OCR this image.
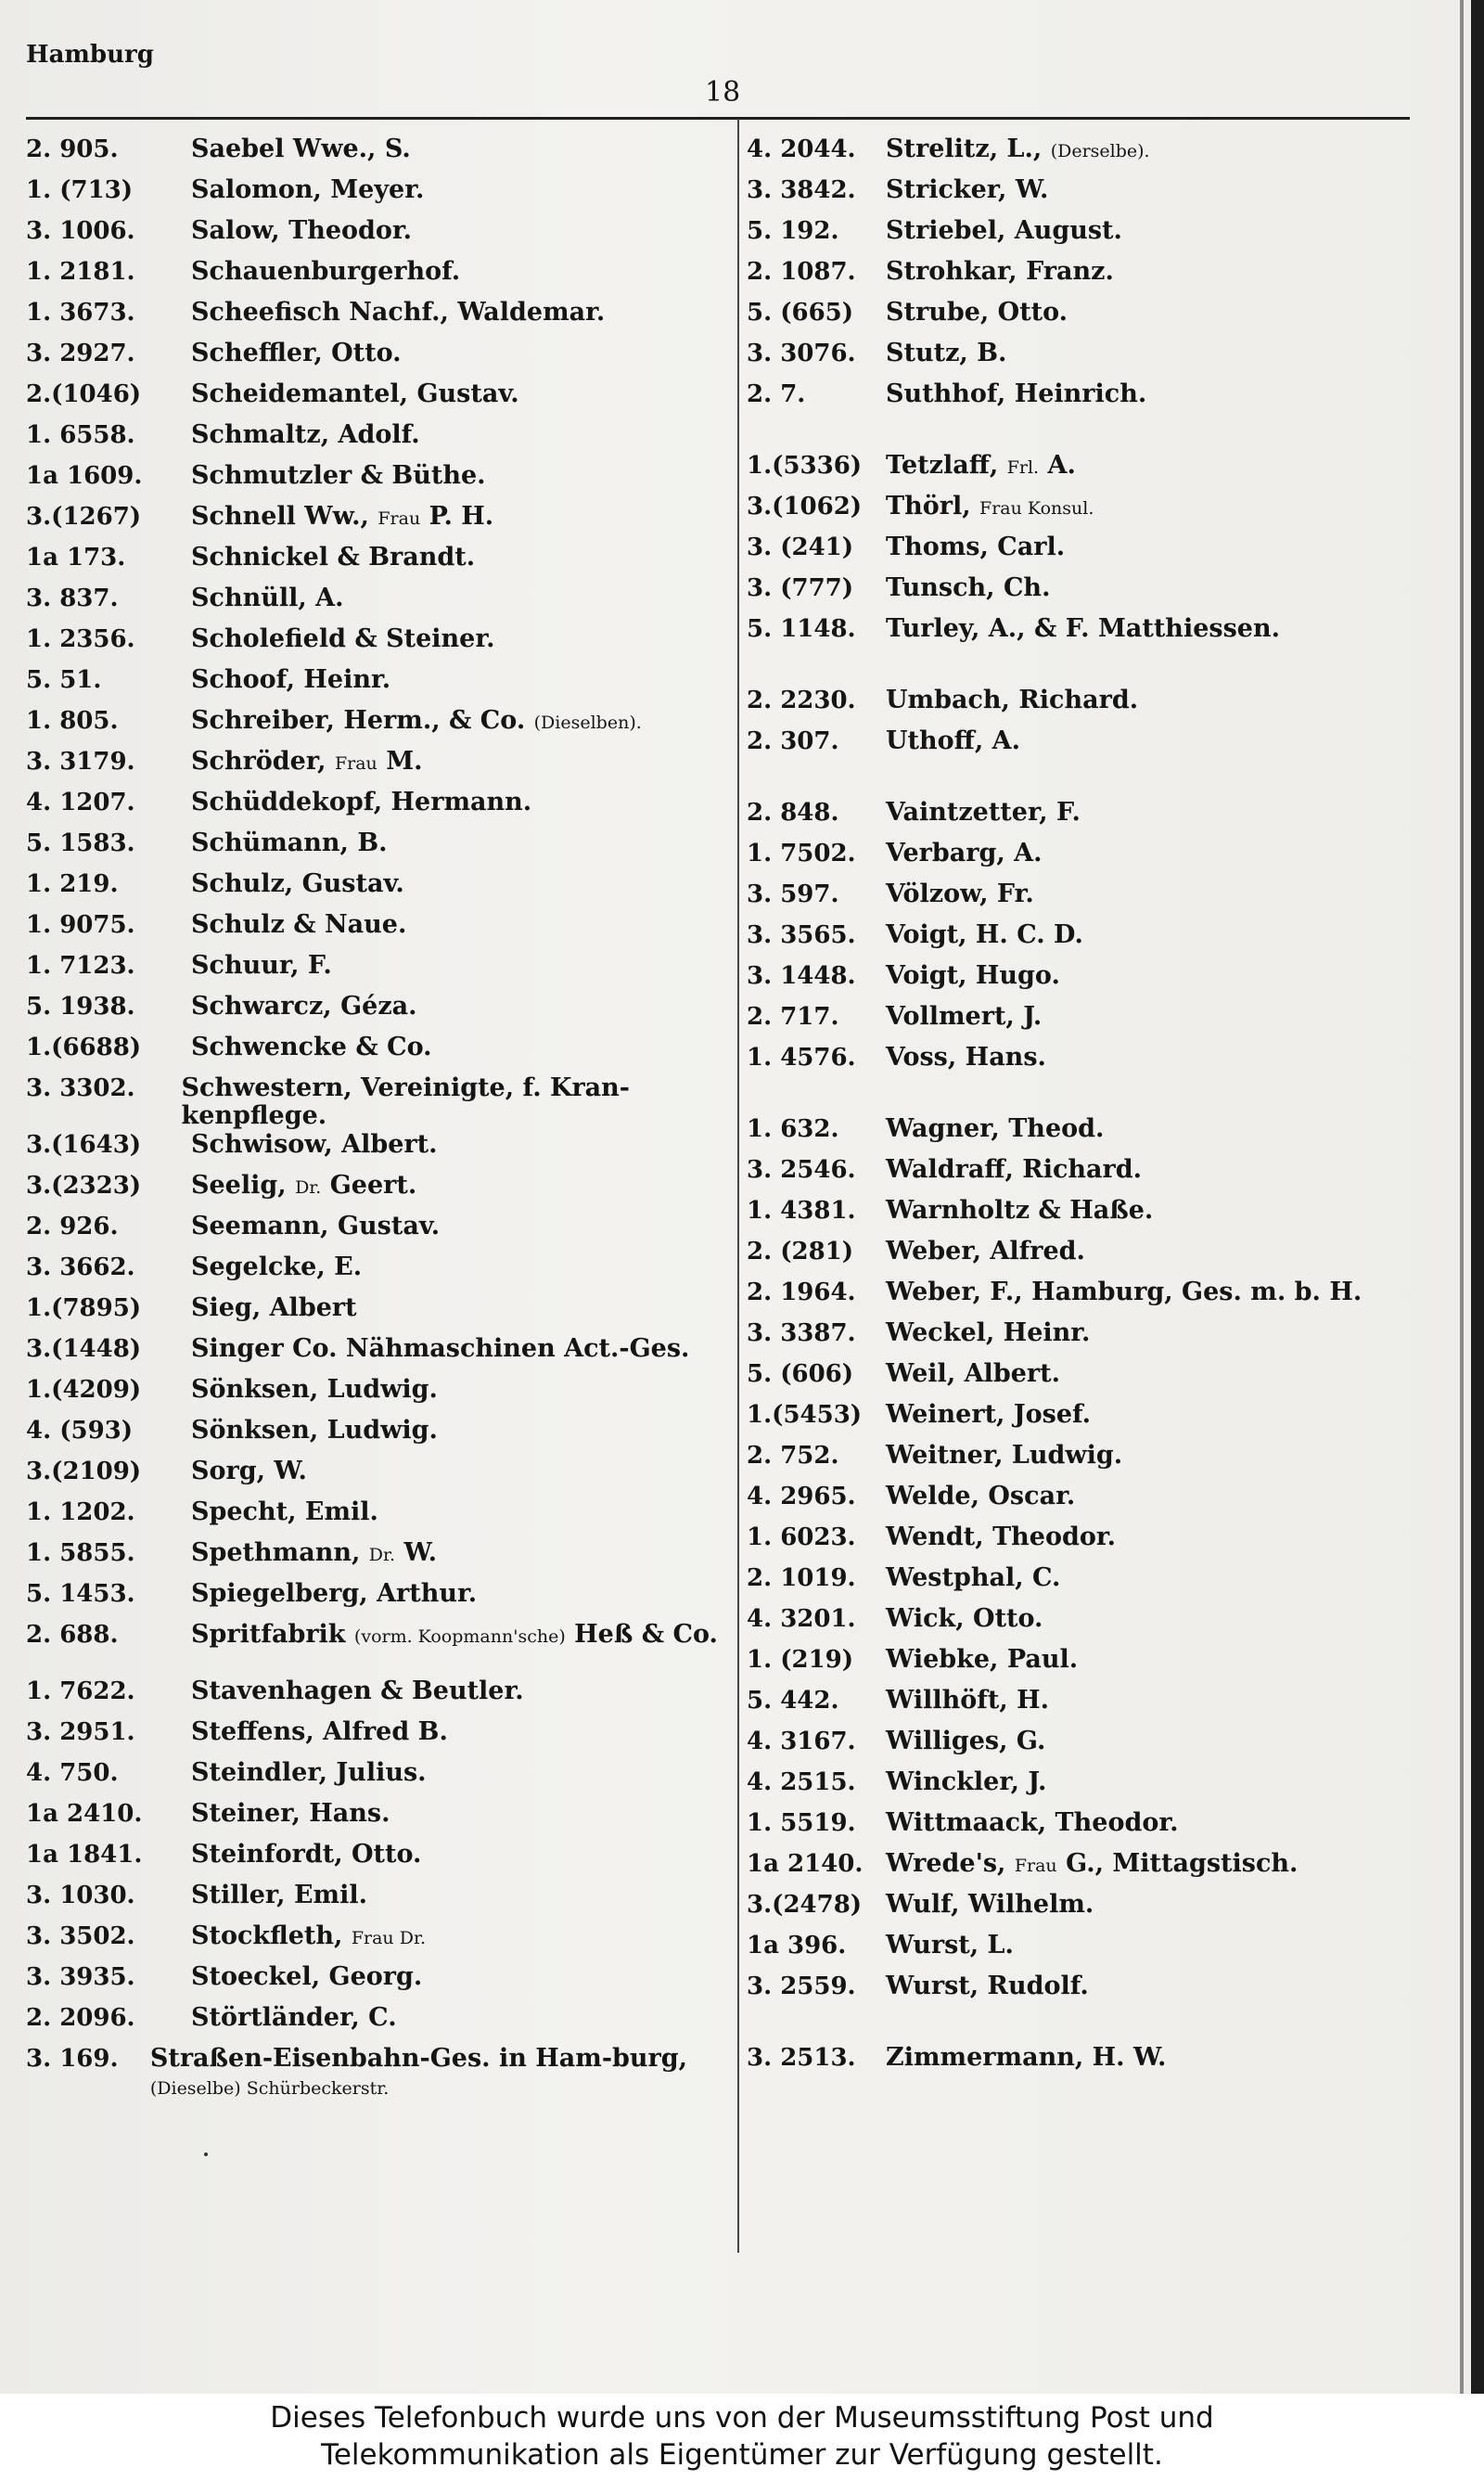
Hamburg
18
2. 905.	Saebel Wwe., S.
1. (713)	Salomon, Meyer.
3. 1006.	Salow, Theodor.
1. 2181.	Schauenburgerhof.
1. 3673.	Scheefisch Nachf., Waldemar.
3. 2927.	Scheffler, Otto.
2.(1046)	Scheidemantel, Gustav.
1. 6558.	Schmaltz, Adolf.
1a 1609.	Schmutzler & Büthe.
3.(1267)	Schnell Ww., Frau P. H.
1a 173.	Schnickel & Brandt.
3. 837.	Schnüll, A.
1. 2356.	Scholefield & Steiner.
5. 51.	Schoof, Heinr.
1. 805.	Schreiber, Herm., & Co. (Dieselben).
3. 3179.	Schröder, Frau M.
4. 1207.	Schüddekopf, Hermann.
5. 1583.	Schümann, B.
1. 219.	Schulz, Gustav.
1. 9075.	Schulz & Naue.
1. 7123.	Schuur, F.
5. 1938.	Schwarcz, Géza.
1.(6688)	Schwencke & Co.
3. 3302.	Schwestern, Vereinigte, f. Kran-kenpflege.
3.(1643)	Schwisow, Albert.
3.(2323)	Seelig, Dr. Geert.
2. 926.	Seemann, Gustav.
3. 3662.	Segelcke, E.
1.(7895)	Sieg, Albert
3.(1448)	Singer Co. Nähmaschinen Act.-Ges.
1.(4209)	Sönksen, Ludwig.
4. (593)	Sönksen, Ludwig.
3.(2109)	Sorg, W.
1. 1202.	Specht, Emil.
1. 5855.	Spethmann, Dr. W.
5. 1453.	Spiegelberg, Arthur.
2. 688.	Spritfabrik (vorm. Koopmann'sche) Heß & Co.
1. 7622.	Stavenhagen & Beutler.
3. 2951.	Steffens, Alfred B.
4. 750.	Steindler, Julius.
1a 2410.	Steiner, Hans.
1a 1841.	Steinfordt, Otto.
3. 1030.	Stiller, Emil.
3. 3502.	Stockfleth, Frau Dr.
3. 3935.	Stoeckel, Georg.
2. 2096.	Störtländer, C.
3. 169.	Straßen-Eisenbahn-Ges. in Ham-burg, (Dieselbe) Schürbeckerstr.
4. 2044.	Strelitz, L., (Derselbe).
3. 3842.	Stricker, W.
5. 192.	Striebel, August.
2. 1087.	Strohkar, Franz.
5. (665)	Strube, Otto.
3. 3076.	Stutz, B.
2. 7.	Suthhof, Heinrich.
1.(5336) Tetzlaff, Frl. A.
3.(1062) Thörl, Frau Konsul.
3. (241)	Thoms, Carl.
3. (777)	Tunsch, Ch.
5. 1148.	Turley, A., & F. Matthiessen.
2. 2230.	Umbach, Richard.
2. 307.	Uthoff, A.
2. 848.	Vaintzetter, F.
1. 7502.	Verbarg, A.
3. 597.	Völzow, Fr.
3. 3565.	Voigt, H. C. D.
3. 1448.	Voigt, Hugo.
2. 717.	Vollmert, J.
1. 4576.	Voss, Hans.
1. 632.	Wagner, Theod.
3. 2546.	Waldraff, Richard.
1. 4381.	Warnholtz & Haße.
2. (281)	Weber, Alfred.
2. 1964.	Weber, F., Hamburg, Ges. m. b. H.
3. 3387.	Weckel, Heinr.
5. (606)	Weil, Albert.
1.(5453) Weinert, Josef.
2. 752.	Weitner, Ludwig.
4. 2965.	Welde, Oscar.
1. 6023.	Wendt, Theodor.
2. 1019.	Westphal, C.
4. 3201.	Wick, Otto.
1. (219)	Wiebke, Paul.
5. 442.	Willhöft, H.
4. 3167.	Williges, G.
4. 2515.	Winckler, J.
1. 5519.	Wittmaack, Theodor.
1a 2140. Wrede's, Frau G., Mittagstisch.
3.(2478) Wulf, Wilhelm.
1a 396.	Wurst, L.
3. 2559.	Wurst, Rudolf.
3. 2513.	Zimmermann, H. W.
Dieses Telefonbuch wurde uns von der Museumsstiftung Post und
Telekommunikation als Eigentümer zur Verfügung gestellt.
